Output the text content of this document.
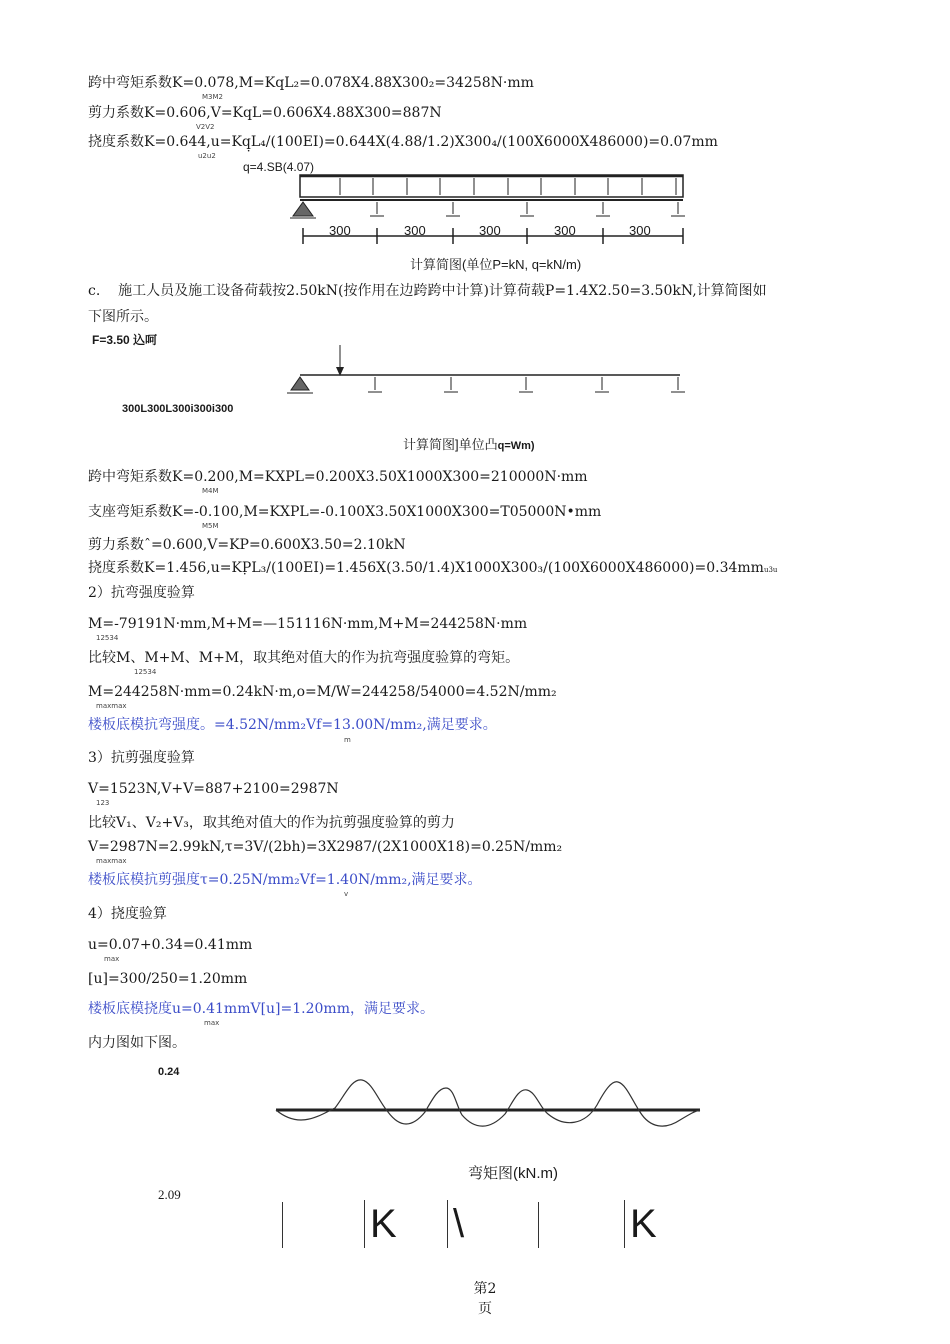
跨中弯矩系数K=0.078,M=KqL₂=0.078X4.88X300₂=34258N·mm
M3M2
剪力系数K=0.606,V=KqL=0.606X4.88X300=887N
V2V2
挠度系数K=0.644,u=Kq̣L₄/(100EI)=0.644X(4.88/1.2)X300₄/(100X6000X486000)=0.07mm
u2u2
q=4.SB(4.07)
300	300	300	300	300
计算简图(单位P=kN, q=kN/m)
c.    施工人员及施工设备荷载按2.50kN(按作用在边跨跨中计算)计算荷载P=1.4X2.50=3.50kN,计算简图如
下图所示。
F=3.50 込呵
300L300L300i300i300
计算简图]单位凸q=Wm)
跨中弯矩系数K=0.200,M=KXPL=0.200X3.50X1000X300=210000N·mm
M4M
支座弯矩系数K=-0.100,M=KXPL=-0.100X3.50X1000X300=T05000N•mm
M5M
剪力系数ˆ=0.600,V=KP=0.600X3.50=2.10kN
挠度系数K=1.456,u=KP̣L₃/(100EI)=1.456X(3.50/1.4)X1000X300₃/(100X6000X486000)=0.34mmu3u
2）抗弯强度验算
M=-79191N·mm,M+M=—151116N·mm,M+M=244258N·mm
12534
比较M、M+M、M+M，取其绝对值大的作为抗弯强度验算的弯矩。
12534
M=244258N·mm=0.24kN·m,o=M/W=244258/54000=4.52N/mm₂
maxmax
楼板底模抗弯强度。=4.52N/mm₂Vf=13.00N/mm₂,满足要求。
m
3）抗剪强度验算
V=1523N,V+V=887+2100=2987N
123
比较V₁、V₂+V₃，取其绝对值大的作为抗剪强度验算的剪力
V=2987N=2.99kN,τ=3V/(2bh)=3X2987/(2X1000X18)=0.25N/mm₂
maxmax
楼板底模抗剪强度τ=0.25N/mm₂Vf=1.40N/mm₂,满足要求。
v
4）挠度验算
u=0.07+0.34=0.41mm
max
[u]=300/250=1.20mm
楼板底模挠度u=0.41mmV[u]=1.20mm，满足要求。
max
内力图如下图。
0.24
弯矩图(kN.m)
2.09
K \	K
第2
页
